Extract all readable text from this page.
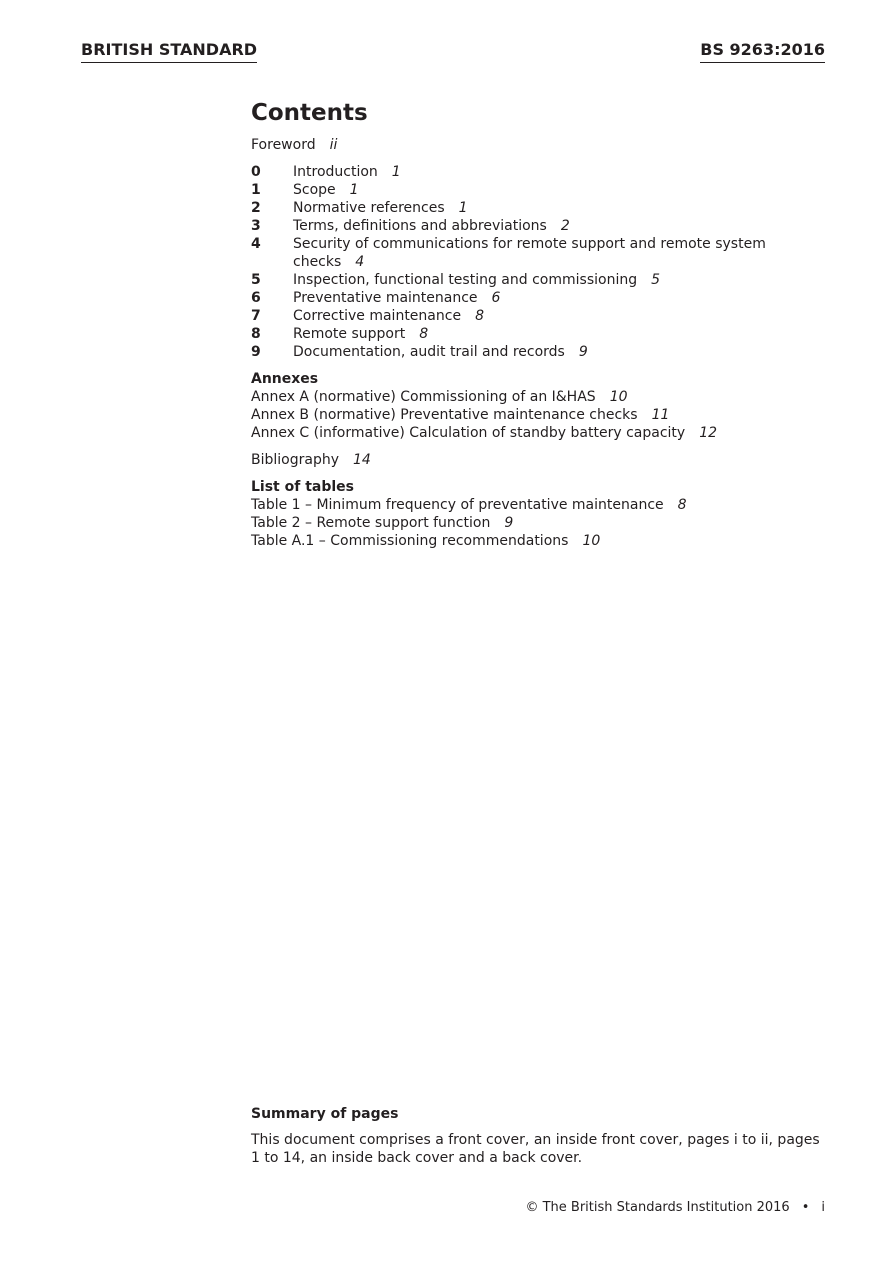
BRITISH STANDARD	BS 9263:2016
Contents
Foreword ii
0	Introduction 1
1	Scope 1
2	Normative references 1
3	Terms, definitions and abbreviations 2
4	Security of communications for remote support and remote system checks 4
5	Inspection, functional testing and commissioning 5
6	Preventative maintenance 6
7	Corrective maintenance 8
8	Remote support 8
9	Documentation, audit trail and records 9
Annexes
Annex A (normative) Commissioning of an I&HAS 10
Annex B (normative) Preventative maintenance checks 11
Annex C (informative) Calculation of standby battery capacity 12
Bibliography 14
List of tables
Table 1 – Minimum frequency of preventative maintenance 8
Table 2 – Remote support function 9
Table A.1 – Commissioning recommendations 10
Summary of pages
This document comprises a front cover, an inside front cover, pages i to ii, pages 1 to 14, an inside back cover and a back cover.
© The British Standards Institution 2016 • i
